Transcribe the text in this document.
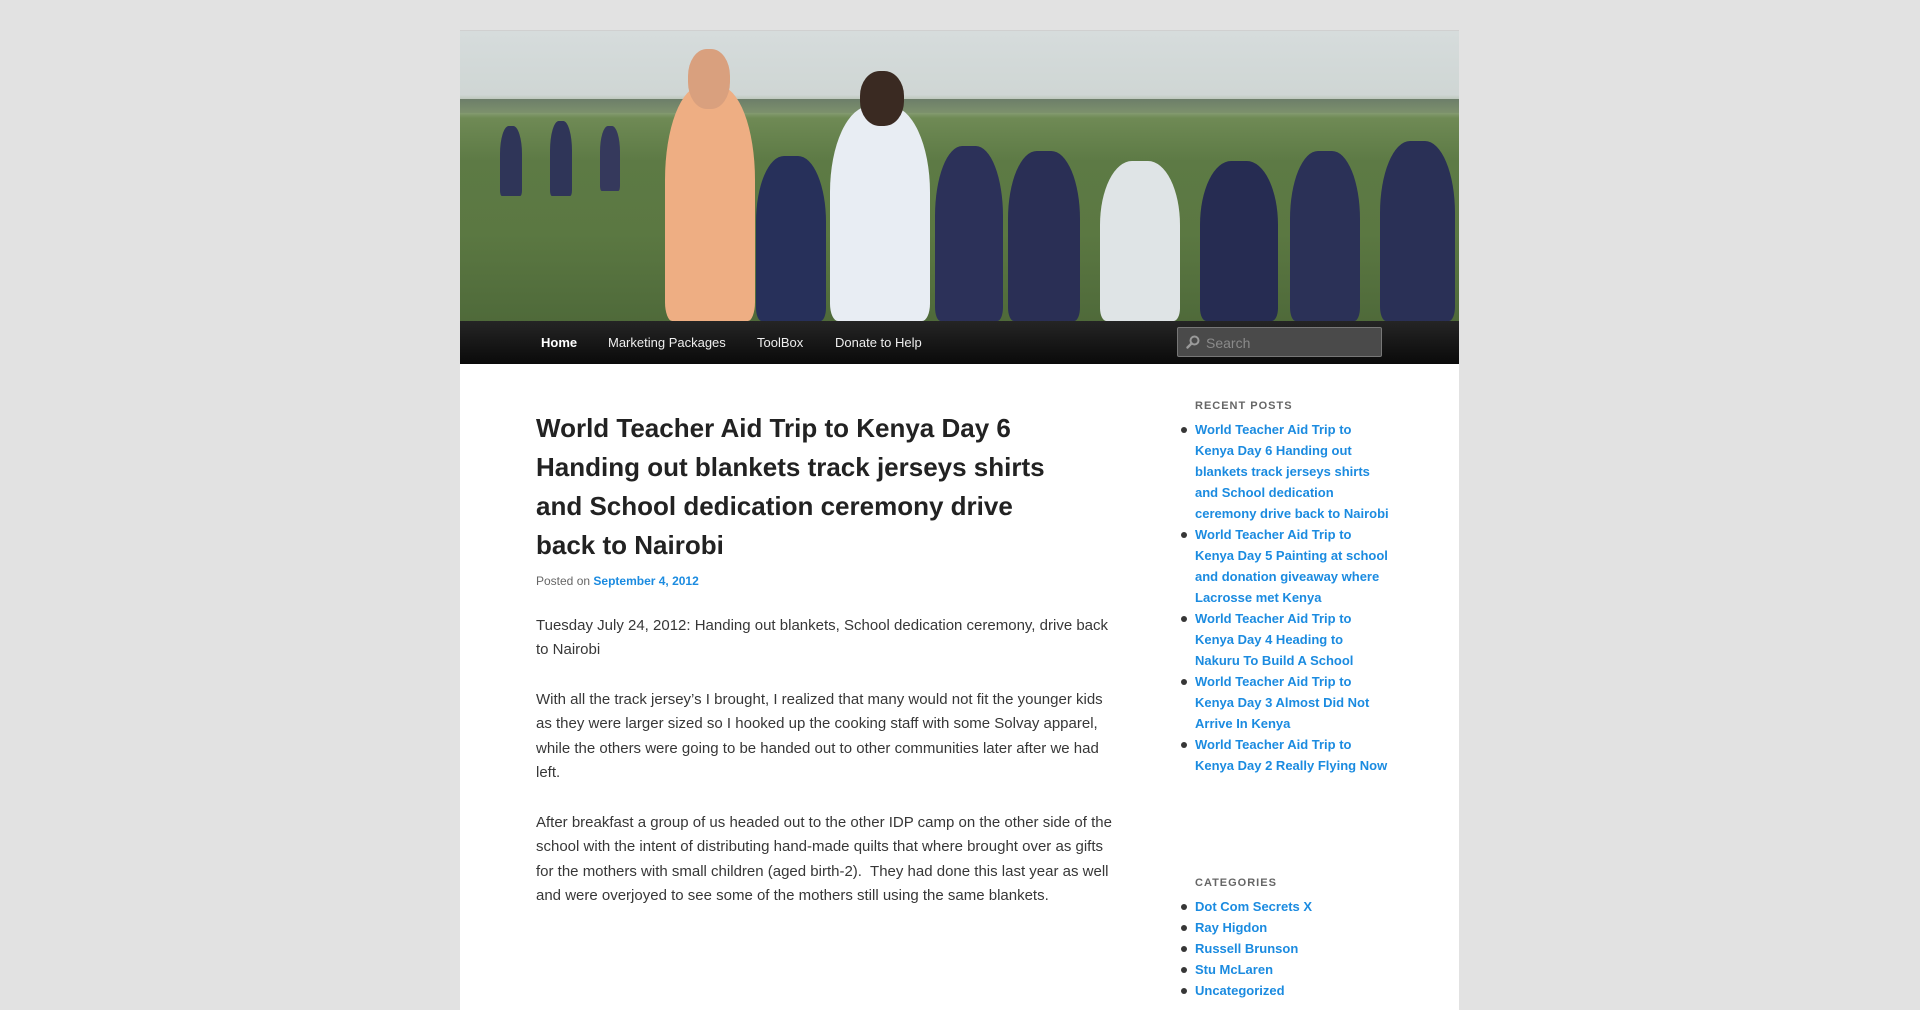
Home Marketing Packages ToolBox Donate to Help
Search
World Teacher Aid Trip to Kenya Day 6 Handing out blankets track jerseys shirts and School dedication ceremony drive back to Nairobi
Posted on September 4, 2012

Tuesday July 24, 2012: Handing out blankets, School dedication ceremony, drive back to Nairobi

With all the track jersey’s I brought, I realized that many would not fit the younger kids as they were larger sized so I hooked up the cooking staff with some Solvay apparel, while the others were going to be handed out to other communities later after we had left.

After breakfast a group of us headed out to the other IDP camp on the other side of the school with the intent of distributing hand-made quilts that where brought over as gifts for the mothers with small children (aged birth-2).  They had done this last year as well and were overjoyed to see some of the mothers still using the same blankets.

RECENT POSTS
World Teacher Aid Trip to Kenya Day 6 Handing out blankets track jerseys shirts and School dedication ceremony drive back to Nairobi
World Teacher Aid Trip to Kenya Day 5 Painting at school and donation giveaway where Lacrosse met Kenya
World Teacher Aid Trip to Kenya Day 4 Heading to Nakuru To Build A School
World Teacher Aid Trip to Kenya Day 3 Almost Did Not Arrive In Kenya
World Teacher Aid Trip to Kenya Day 2 Really Flying Now
CATEGORIES
Dot Com Secrets X
Ray Higdon
Russell Brunson
Stu McLaren
Uncategorized
